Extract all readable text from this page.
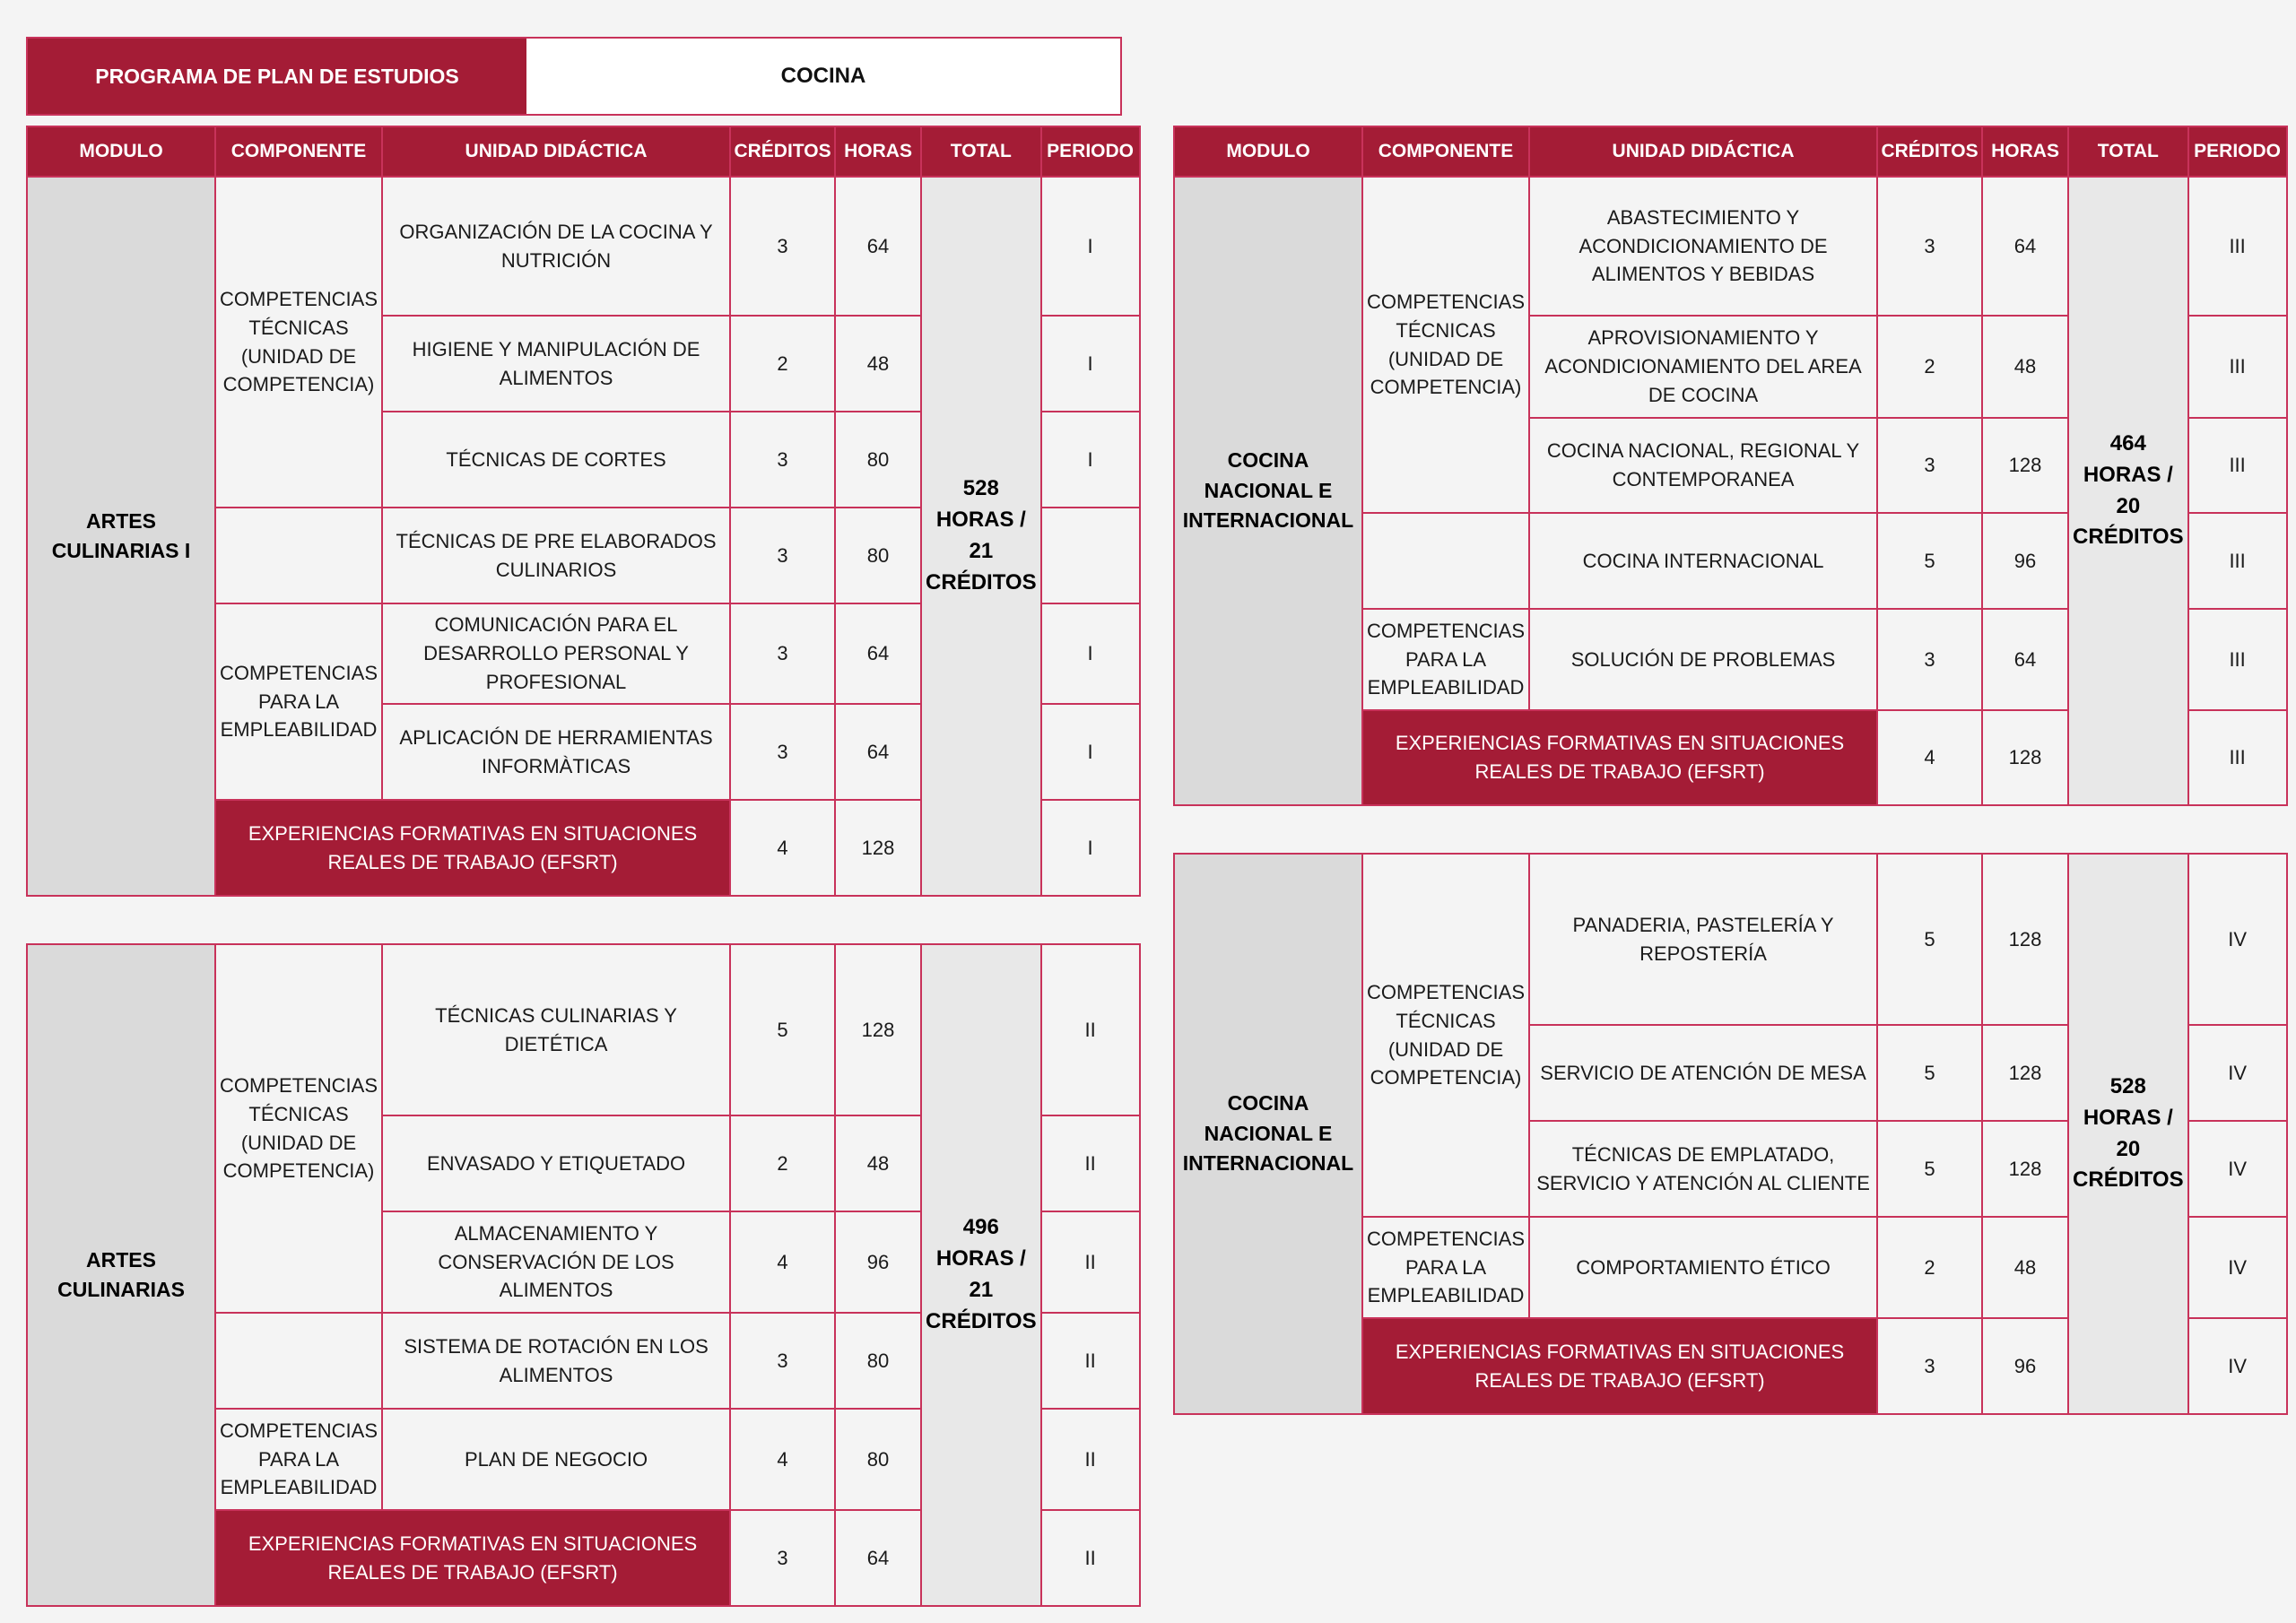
PROGRAMA DE PLAN DE ESTUDIOS	COCINA
MODULO	COMPONENTE	UNIDAD DIDÁCTICA	CRÉDITOS	HORAS	TOTAL	PERIODO
ARTES CULINARIAS I	COMPETENCIAS TÉCNICAS (UNIDAD DE COMPETENCIA)	ORGANIZACIÓN DE LA COCINA Y NUTRICIÓN	3	64	528 HORAS / 21 CRÉDITOS	I
		HIGIENE Y MANIPULACIÓN DE ALIMENTOS	2	48		I
		TÉCNICAS DE CORTES	3	80		I
		TÉCNICAS DE PRE ELABORADOS CULINARIOS	3	80		
	COMPETENCIAS PARA LA EMPLEABILIDAD	COMUNICACIÓN PARA EL DESARROLLO PERSONAL Y PROFESIONAL	3	64		I
		APLICACIÓN DE HERRAMIENTAS INFORMÀTICAS	3	64		I
	EXPERIENCIAS FORMATIVAS EN SITUACIONES REALES DE TRABAJO (EFSRT)		4	128		I
MODULO	COMPONENTE	UNIDAD DIDÁCTICA	CRÉDITOS	HORAS	TOTAL	PERIODO
COCINA NACIONAL E INTERNACIONAL	COMPETENCIAS TÉCNICAS (UNIDAD DE COMPETENCIA)	ABASTECIMIENTO Y ACONDICIONAMIENTO DE ALIMENTOS Y BEBIDAS	3	64	464 HORAS / 20 CRÉDITOS	III
		APROVISIONAMIENTO Y ACONDICIONAMIENTO DEL AREA DE COCINA	2	48		III
		COCINA NACIONAL, REGIONAL Y CONTEMPORANEA	3	128		III
		COCINA INTERNACIONAL	5	96		III
	COMPETENCIAS PARA LA EMPLEABILIDAD	SOLUCIÓN DE PROBLEMAS	3	64		III
	EXPERIENCIAS FORMATIVAS EN SITUACIONES REALES DE TRABAJO (EFSRT)		4	128		III
ARTES CULINARIAS	COMPETENCIAS TÉCNICAS (UNIDAD DE COMPETENCIA)	TÉCNICAS CULINARIAS Y DIETÉTICA	5	128	496 HORAS / 21 CRÉDITOS	II
		ENVASADO Y ETIQUETADO	2	48		II
		ALMACENAMIENTO Y CONSERVACIÓN DE LOS ALIMENTOS	4	96		II
		SISTEMA DE ROTACIÓN EN LOS ALIMENTOS	3	80		II
	COMPETENCIAS PARA LA EMPLEABILIDAD	PLAN DE NEGOCIO	4	80		II
	EXPERIENCIAS FORMATIVAS EN SITUACIONES REALES DE TRABAJO (EFSRT)		3	64		II
COCINA NACIONAL E INTERNACIONAL	COMPETENCIAS TÉCNICAS (UNIDAD DE COMPETENCIA)	PANADERIA, PASTELERÍA Y REPOSTERÍA	5	128	528 HORAS / 20 CRÉDITOS	IV
		SERVICIO DE ATENCIÓN DE MESA	5	128		IV
		TÉCNICAS DE EMPLATADO, SERVICIO Y ATENCIÓN AL CLIENTE	5	128		IV
	COMPETENCIAS PARA LA EMPLEABILIDAD	COMPORTAMIENTO ÉTICO	2	48		IV
	EXPERIENCIAS FORMATIVAS EN SITUACIONES REALES DE TRABAJO (EFSRT)		3	96		IV
